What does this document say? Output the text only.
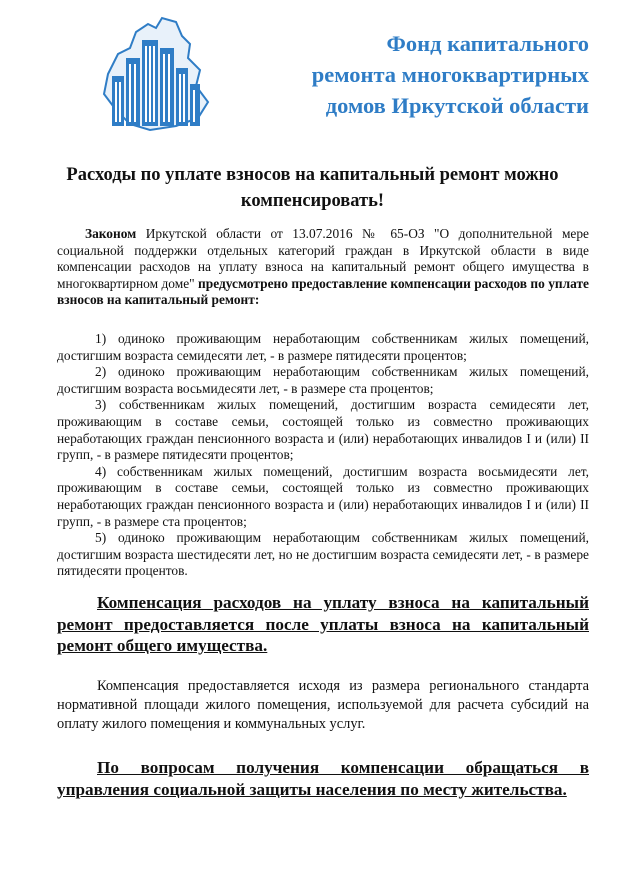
Фонд капитального
ремонта многоквартирных
домов Иркутской области
Расходы по уплате взносов на капитальный ремонт можно
компенсировать!

Законом Иркутской области от 13.07.2016 № 65-ОЗ "О дополнительной мере социальной поддержки отдельных категорий граждан в Иркутской области в виде компенсации расходов на уплату взноса на капитальный ремонт общего имущества в многоквартирном доме" предусмотрено предоставление компенсации расходов по уплате взносов на капитальный ремонт:

1) одиноко проживающим неработающим собственникам жилых помещений, достигшим возраста семидесяти лет, - в размере пятидесяти процентов;

2) одиноко проживающим неработающим собственникам жилых помещений, достигшим возраста восьмидесяти лет, - в размере ста процентов;

3) собственникам жилых помещений, достигшим возраста семидесяти лет, проживающим в составе семьи, состоящей только из совместно проживающих неработающих граждан пенсионного возраста и (или) неработающих инвалидов I и (или) II групп, - в размере пятидесяти процентов;

4) собственникам жилых помещений, достигшим возраста восьмидесяти лет, проживающим в составе семьи, состоящей только из совместно проживающих неработающих граждан пенсионного возраста и (или) неработающих инвалидов I и (или) II групп, - в размере ста процентов;

5) одиноко проживающим неработающим собственникам жилых помещений, достигшим возраста шестидесяти лет, но не достигшим возраста семидесяти лет, - в размере пятидесяти процентов.

Компенсация расходов на уплату взноса на капитальный ремонт предоставляется после уплаты взноса на капитальный ремонт общего имущества.

Компенсация предоставляется исходя из размера регионального стандарта нормативной площади жилого помещения, используемой для расчета субсидий на оплату жилого помещения и коммунальных услуг.

По вопросам получения компенсации обращаться в управления социальной защиты населения по месту жительства.
